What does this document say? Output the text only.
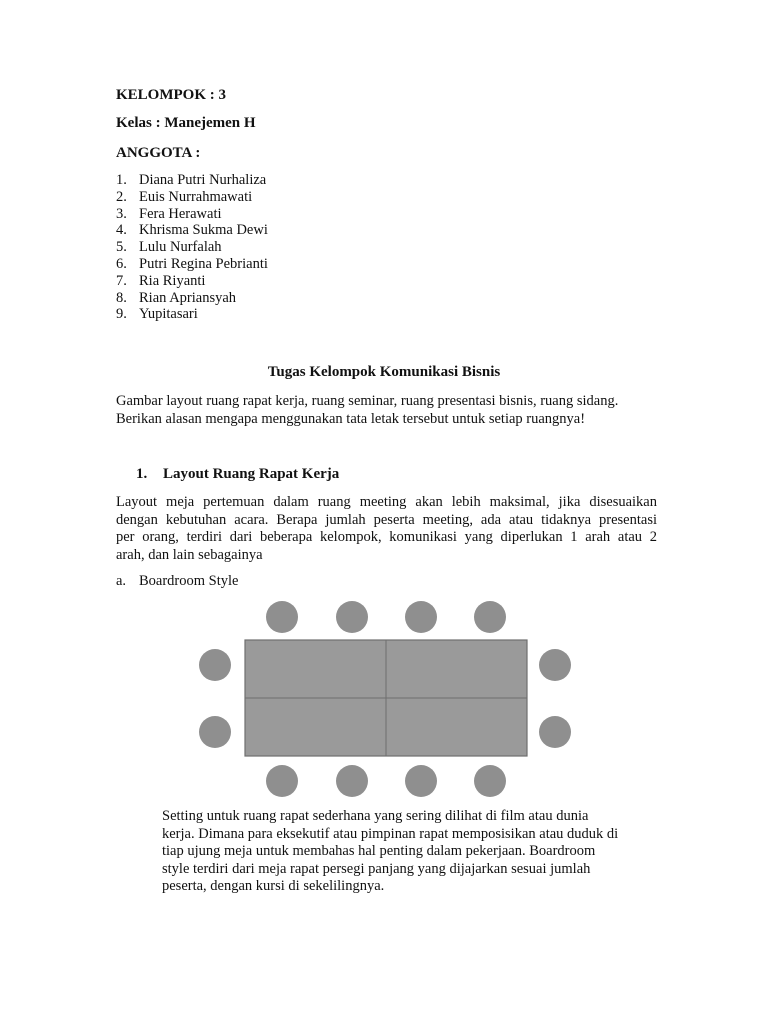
KELOMPOK : 3
Kelas : Manejemen H
ANGGOTA :
1. Diana Putri Nurhaliza
2. Euis Nurrahmawati
3. Fera Herawati
4. Khrisma Sukma Dewi
5. Lulu Nurfalah
6. Putri Regina Pebrianti
7. Ria Riyanti
8. Rian Apriansyah
9. Yupitasari
Tugas Kelompok Komunikasi Bisnis
Gambar layout ruang rapat kerja, ruang seminar, ruang presentasi bisnis, ruang sidang.
Berikan alasan mengapa menggunakan tata letak tersebut untuk setiap ruangnya!
1. Layout Ruang Rapat Kerja
Layout meja pertemuan dalam ruang meeting akan lebih maksimal, jika disesuaikan
dengan kebutuhan acara. Berapa jumlah peserta meeting, ada atau tidaknya presentasi
per orang, terdiri dari beberapa kelompok, komunikasi yang diperlukan 1 arah atau 2
arah, dan lain sebagainya
a. Boardroom Style
Setting untuk ruang rapat sederhana yang sering dilihat di film atau dunia
kerja. Dimana para eksekutif atau pimpinan rapat memposisikan atau duduk di
tiap ujung meja untuk membahas hal penting dalam pekerjaan. Boardroom
style terdiri dari meja rapat persegi panjang yang dijajarkan sesuai jumlah
peserta, dengan kursi di sekelilingnya.
